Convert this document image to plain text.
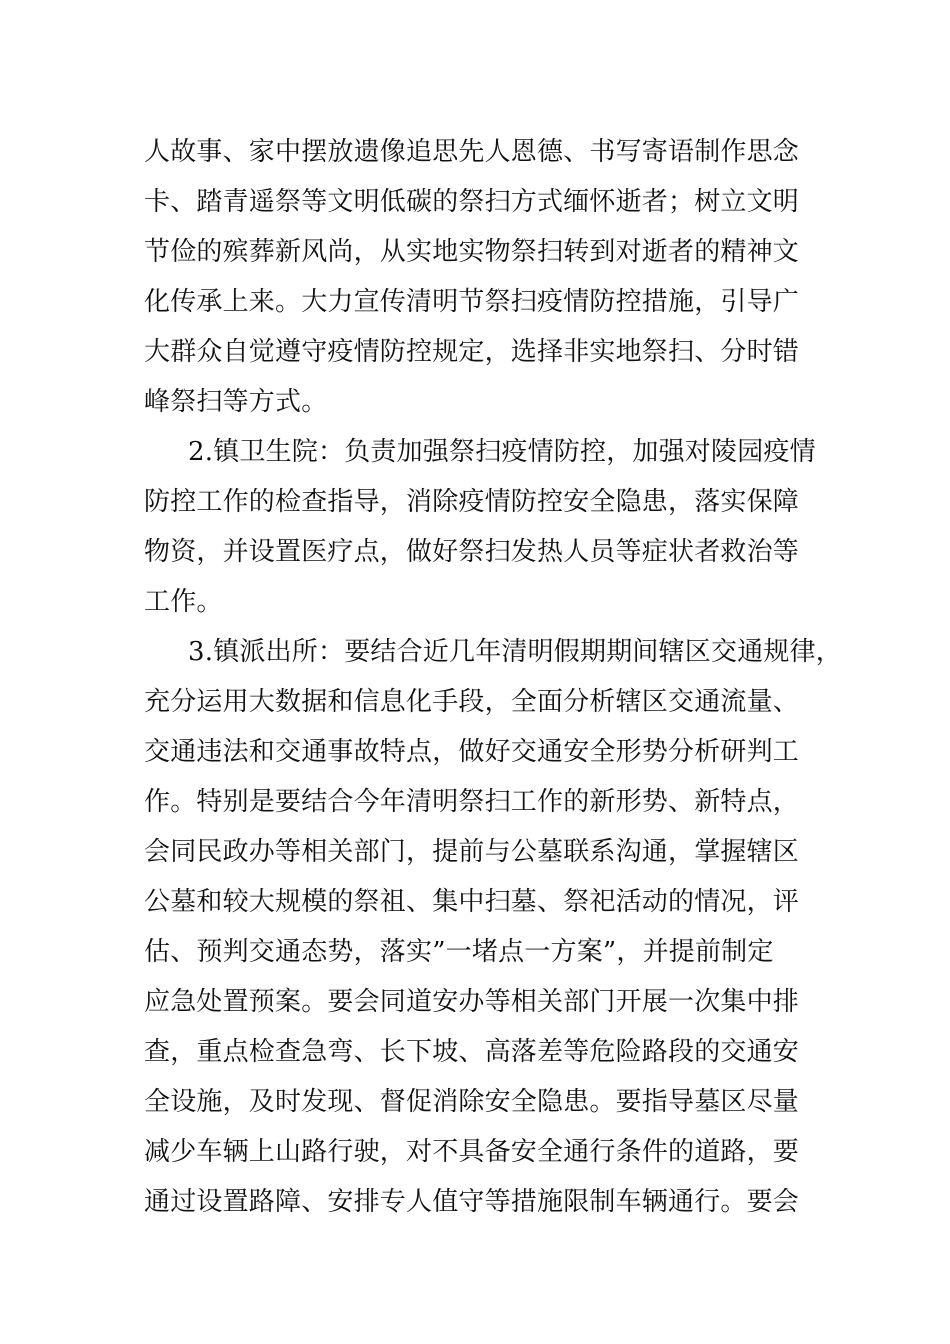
人故事、家中摆放遗像追思先人恩德、书写寄语制作思念
卡、踏青遥祭等文明低碳的祭扫方式缅怀逝者；树立文明
节俭的殡葬新风尚，从实地实物祭扫转到对逝者的精神文
化传承上来。大力宣传清明节祭扫疫情防控措施，引导广
大群众自觉遵守疫情防控规定，选择非实地祭扫、分时错
峰祭扫等方式。
2.镇卫生院：负责加强祭扫疫情防控，加强对陵园疫情
防控工作的检查指导，消除疫情防控安全隐患，落实保障
物资，并设置医疗点，做好祭扫发热人员等症状者救治等
工作。
3.镇派出所：要结合近几年清明假期期间辖区交通规律，
充分运用大数据和信息化手段，全面分析辖区交通流量、
交通违法和交通事故特点，做好交通安全形势分析研判工
作。特别是要结合今年清明祭扫工作的新形势、新特点，
会同民政办等相关部门，提前与公墓联系沟通，掌握辖区
公墓和较大规模的祭祖、集中扫墓、祭祀活动的情况，评
估、预判交通态势，落实”一堵点一方案”，并提前制定
应急处置预案。要会同道安办等相关部门开展一次集中排
查，重点检查急弯、长下坡、高落差等危险路段的交通安
全设施，及时发现、督促消除安全隐患。要指导墓区尽量
减少车辆上山路行驶，对不具备安全通行条件的道路，要
通过设置路障、安排专人值守等措施限制车辆通行。要会
